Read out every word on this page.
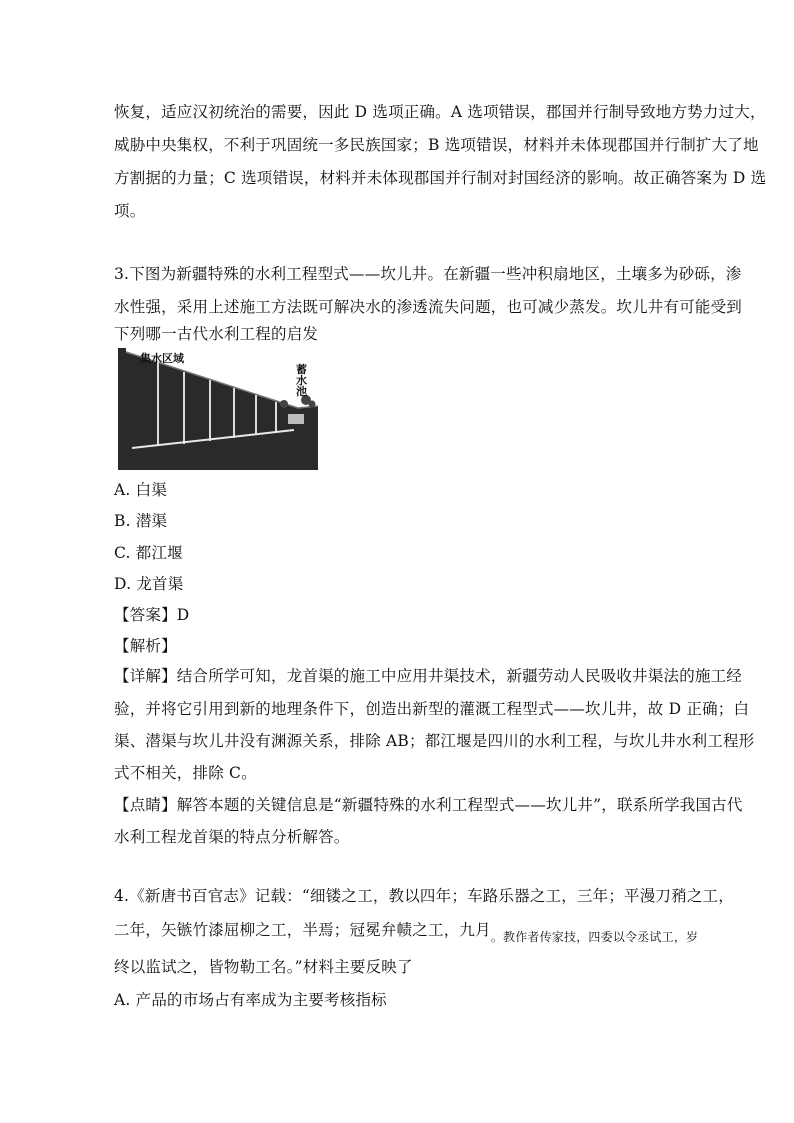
恢复，适应汉初统治的需要，因此 D 选项正确。A 选项错误，郡国并行制导致地方势力过大，
威胁中央集权，不利于巩固统一多民族国家；B 选项错误，材料并未体现郡国并行制扩大了地
方割据的力量；C 选项错误，材料并未体现郡国并行制对封国经济的影响。故正确答案为 D 选
项。
3.下图为新疆特殊的水利工程型式——坎儿井。在新疆一些冲积扇地区，土壤多为砂砾，渗
水性强，采用上述施工方法既可解决水的渗透流失问题，也可减少蒸发。坎儿井有可能受到
下列哪一古代水利工程的启发
集水区域
蓄水池
A. 白渠
B. 潜渠
C. 都江堰
D. 龙首渠
【答案】D
【解析】
【详解】结合所学可知，龙首渠的施工中应用井渠技术，新疆劳动人民吸收井渠法的施工经
验，并将它引用到新的地理条件下，创造出新型的灌溉工程型式——坎儿井，故 D 正确；白
渠、潜渠与坎儿井没有渊源关系，排除 AB；都江堰是四川的水利工程，与坎儿井水利工程形
式不相关，排除 C。
【点睛】解答本题的关键信息是“新疆特殊的水利工程型式——坎儿井”，联系所学我国古代
水利工程龙首渠的特点分析解答。
4.《新唐书百官志》记载：“细镂之工，教以四年；车路乐器之工，三年；平漫刀矟之工，
二年，矢镞竹漆屈柳之工，半焉；冠冕弁帻之工，九月$_{。教作者传家技,四委以令丞试工,岁}$
终以监试之，皆物勒工名。”材料主要反映了
A. 产品的市场占有率成为主要考核指标
